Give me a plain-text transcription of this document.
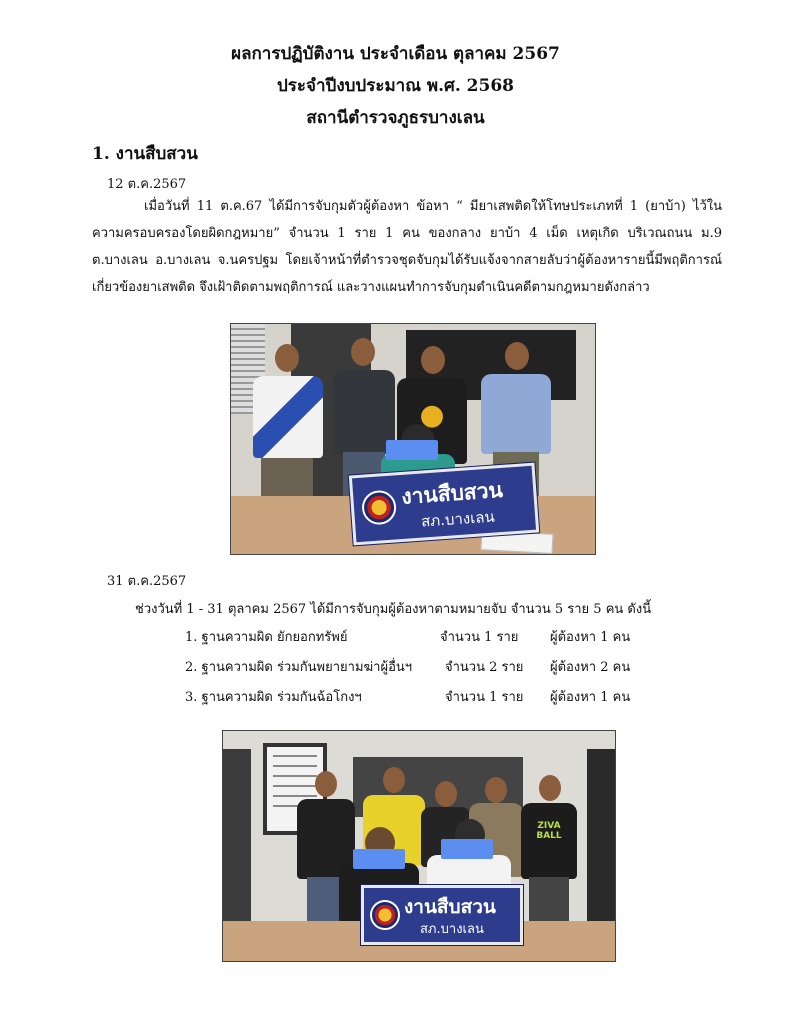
ผลการปฏิบัติงาน ประจำเดือน ตุลาคม 2567
ประจำปีงบประมาณ พ.ศ. 2568
สถานีตำรวจภูธรบางเลน
1. งานสืบสวน
12 ต.ค.2567
เมื่อวันที่ 11 ต.ค.67 ได้มีการจับกุมตัวผู้ต้องหา ข้อหา “ มียาเสพติดให้โทษประเภทที่ 1 (ยาบ้า) ไว้ในความครอบครองโดยผิดกฎหมาย” จำนวน 1 ราย 1 คน ของกลาง ยาบ้า 4 เม็ด เหตุเกิด บริเวณถนน ม.9 ต.บางเลน อ.บางเลน จ.นครปฐม โดยเจ้าหน้าที่ตำรวจชุดจับกุมได้รับแจ้งจากสายลับว่าผู้ต้องหารายนี้มีพฤติการณ์เกี่ยวข้องยาเสพติด จึงเฝ้าติดตามพฤติการณ์ และวางแผนทำการจับกุมดำเนินคดีตามกฎหมายดังกล่าว
งานสืบสวน
สภ.บางเลน
31 ต.ค.2567
ช่วงวันที่ 1 - 31 ตุลาคม 2567 ได้มีการจับกุมผู้ต้องหาตามหมายจับ จำนวน 5 ราย 5 คน ดังนี้
1. ฐานความผิด ยักยอกทรัพย์	จำนวน 1 ราย ผู้ต้องหา 1 คน
2. ฐานความผิด ร่วมกันพยายามฆ่าผู้อื่นฯ	จำนวน 2 ราย ผู้ต้องหา 2 คน
3. ฐานความผิด ร่วมกันฉ้อโกงฯ	จำนวน 1 ราย ผู้ต้องหา 1 คน
ZIVA BALL
งานสืบสวน
สภ.บางเลน
